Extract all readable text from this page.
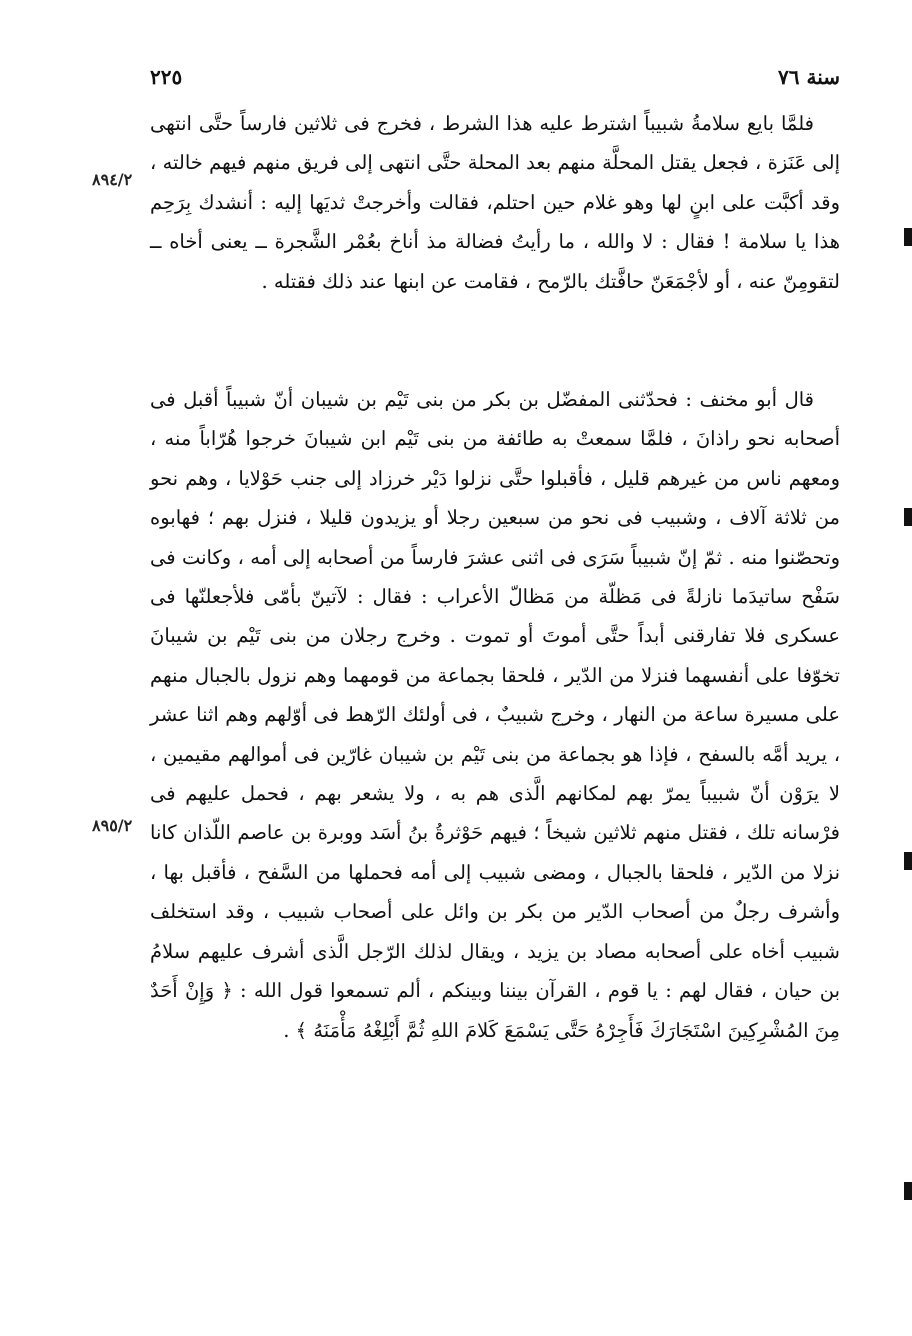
سنة ٧٦
٢٢٥
٨٩٤/٢
٨٩٥/٢

فلمَّا بايع سلامةُ شبيباً اشترط عليه هذا الشرط ، فخرج فى ثلاثين فارساً حتَّى انتهى إلى عَنَزة ، فجعل يقتل المحلَّة منهم بعد المحلة حتَّى انتهى إلى فريق منهم فيهم خالته ، وقد أكبَّت على ابنٍ لها وهو غلام حين احتلم، فقالت وأخرجتْ ثديَها إليه : أنشدك بِرَحِم هذا يا سلامة ! فقال : لا والله ، ما رأيتُ فضالة مذ أناخ بعُمْر الشَّجرة ــ يعنى أخاه ــ لتقومِنّ عنه ، أو لأجْمَعَنّ حافَّتك بالرّمح ، فقامت عن ابنها عند ذلك فقتله .

قال أبو مخنف : فحدّثنى المفضّل بن بكر من بنى تَيْم بن شيبان أنّ شبيباً أقبل فى أصحابه نحو راذانَ ، فلمَّا سمعتْ به طائفة من بنى تَيْم ابن شيبانَ خرجوا هُرّاباً منه ، ومعهم ناس من غيرهم قليل ، فأقبلوا حتَّى نزلوا دَيْر خرزاد إلى جنب حَوْلايا ، وهم نحو من ثلاثة آلاف ، وشبيب فى نحو من سبعين رجلا أو يزيدون قليلا ، فنزل بهم ؛ فهابوه وتحصّنوا منه . ثمّ إنّ شبيباً سَرَى فى اثنى عشرَ فارساً من أصحابه إلى أمه ، وكانت فى سَفْح ساتيدَما نازلةً فى مَظلّة من مَظالّ الأعراب : فقال : لآتينّ بأمّى فلأجعلنّها فى عسكرى فلا تفارقنى أبداً حتَّى أموتَ أو تموت . وخرج رجلان من بنى تَيْم بن شيبانَ تخوّفا على أنفسهما فنزلا من الدّير ، فلحقا بجماعة من قومهما وهم نزول بالجبال منهم على مسيرة ساعة من النهار ، وخرج شبيبٌ ، فى أولئك الرّهط فى أوّلهم وهم اثنا عشر ، يريد أمَّه بالسفح ، فإذا هو بجماعة من بنى تَيْم بن شيبان غارّين فى أموالهم مقيمين ، لا يرَوْن أنّ شبيباً يمرّ بهم لمكانهم الَّذى هم به ، ولا يشعر بهم ، فحمل عليهم فى فرْسانه تلك ، فقتل منهم ثلاثين شيخاً ؛ فيهم حَوْثرةُ بنُ أسَد ووبرة بن عاصم اللّذان كانا نزلا من الدّير ، فلحقا بالجبال ، ومضى شبيب إلى أمه فحملها من السَّفح ، فأقبل بها ، وأشرف رجلٌ من أصحاب الدّير من بكر بن وائل على أصحاب شبيب ، وقد استخلف شبيب أخاه على أصحابه مصاد بن يزيد ، ويقال لذلك الرّجل الَّذى أشرف عليهم سلامُ بن حيان ، فقال لهم : يا قوم ، القرآن بيننا وبينكم ، ألم تسمعوا قول الله : ﴿ وَإِنْ أَحَدٌ مِنَ المُشْرِكِينَ اسْتَجَارَكَ فَأَجِرْهُ حَتَّى يَسْمَعَ كَلامَ اللهِ ثُمَّ أَبْلِغْهُ مَأْمَنَهُ ﴾ .
